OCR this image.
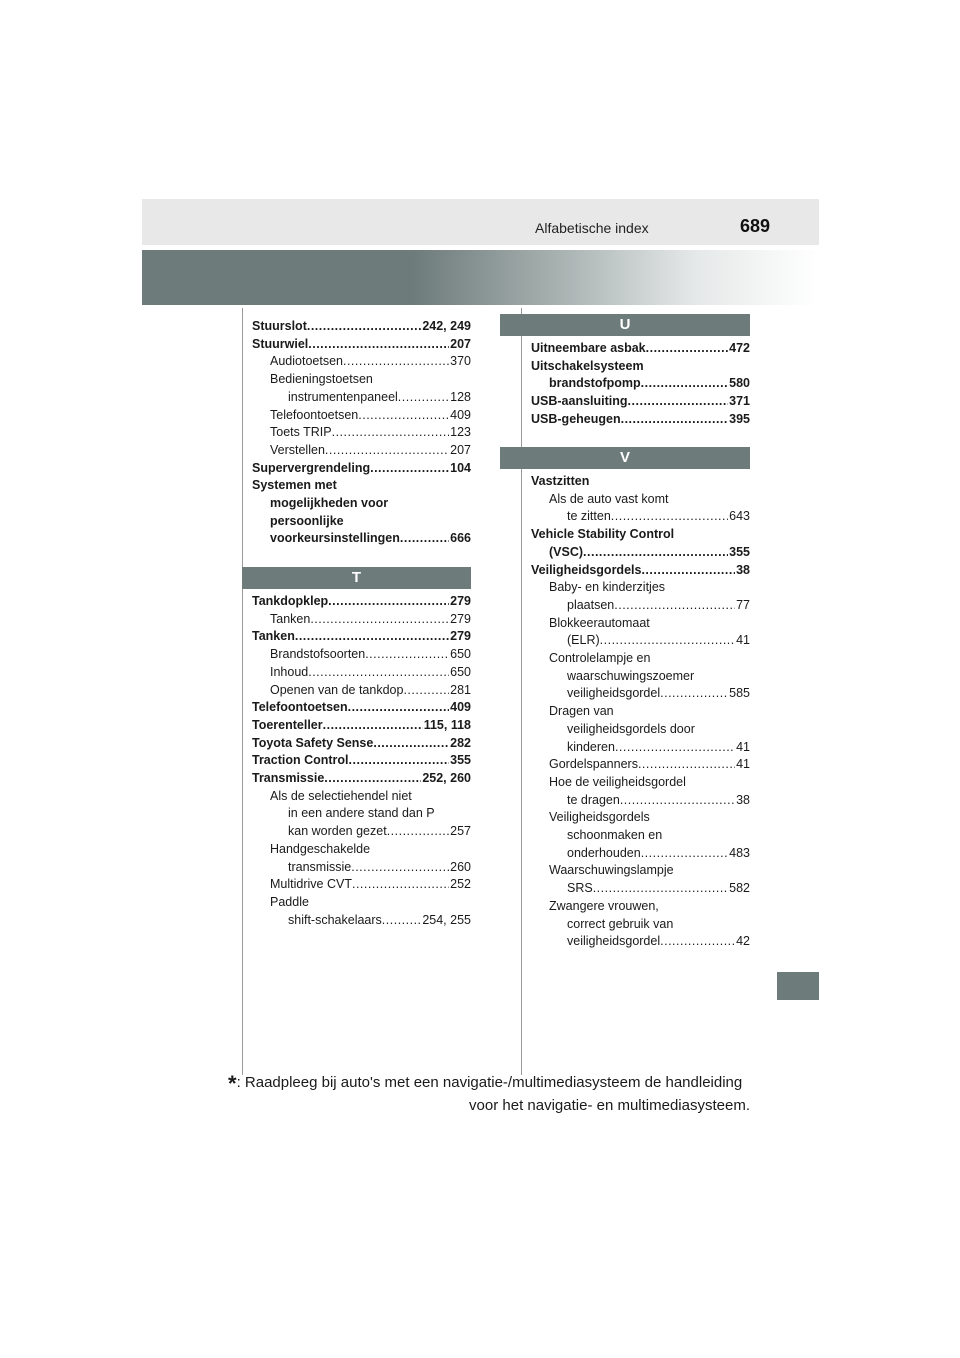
Alfabetische index	689
Stuurslot .....	242, 249
Stuurwiel .....	207
Audiotoetsen .....	370
Bedieningstoetsen
instrumentenpaneel .....	128
Telefoontoetsen .....	409
Toets TRIP .....	123
Verstellen .....	207
Supervergrendeling .....	104
Systemen met
mogelijkheden voor
persoonlijke
voorkeursinstellingen .....	666
T
Tankdopklep .....	279
Tanken .....	279
Tanken .....	279
Brandstofsoorten .....	650
Inhoud .....	650
Openen van de tankdop .....	281
Telefoontoetsen .....	409
Toerenteller .....	115, 118
Toyota Safety Sense .....	282
Traction Control .....	355
Transmissie .....	252, 260
Als de selectiehendel niet
in een andere stand dan P
kan worden gezet .....	257
Handgeschakelde
transmissie .....	260
Multidrive CVT .....	252
Paddle
shift-schakelaars .....	254, 255
U
Uitneembare asbak .....	472
Uitschakelsysteem
brandstofpomp .....	580
USB-aansluiting .....	371
USB-geheugen .....	395
V
Vastzitten
Als de auto vast komt
te zitten .....	643
Vehicle Stability Control
(VSC) .....	355
Veiligheidsgordels .....	38
Baby- en kinderzitjes
plaatsen .....	77
Blokkeerautomaat
(ELR) .....	41
Controlelampje en
waarschuwingszoemer
veiligheidsgordel .....	585
Dragen van
veiligheidsgordels door
kinderen .....	41
Gordelspanners .....	41
Hoe de veiligheidsgordel
te dragen .....	38
Veiligheidsgordels
schoonmaken en
onderhouden .....	483
Waarschuwingslampje
SRS .....	582
Zwangere vrouwen,
correct gebruik van
veiligheidsgordel .....	42
*: Raadpleeg bij auto's met een navigatie-/multimediasysteem de handleiding
voor het navigatie- en multimediasysteem.
